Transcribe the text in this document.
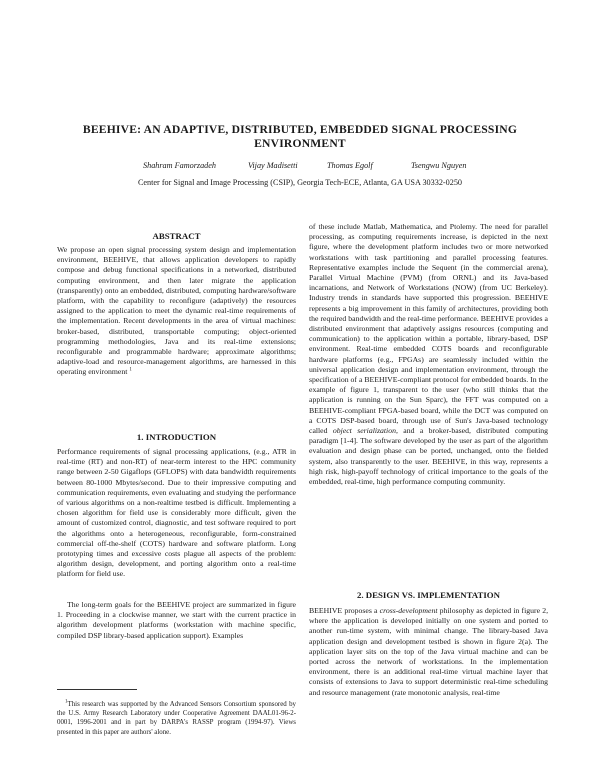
BEEHIVE: AN ADAPTIVE, DISTRIBUTED, EMBEDDED SIGNAL PROCESSING ENVIRONMENT
Shahram Famorzadeh	Vijay Madisetti	Thomas Egolf	Tsengwu Nguyen
Center for Signal and Image Processing (CSIP), Georgia Tech-ECE, Atlanta, GA USA 30332-0250
ABSTRACT

We propose an open signal processing system design and implementation environment, BEEHIVE, that allows application developers to rapidly compose and debug functional specifications in a networked, distributed computing environment, and then later migrate the application (transparently) onto an embedded, distributed, computing hardware/software platform, with the capability to reconfigure (adaptively) the resources assigned to the application to meet the dynamic real-time requirements of the implementation. Recent developments in the area of virtual machines: broker-based, distributed, transportable computing; object-oriented programming methodologies, Java and its real-time extensions; reconfigurable and programmable hardware; approximate algorithms; adaptive-load and resource-management algorithms, are harnessed in this operating environment $^1$

1. INTRODUCTION

Performance requirements of signal processing applications, (e.g., ATR in real-time (RT) and non-RT) of near-term interest to the HPC community range between 2-50 Gigaflops (GFLOPS) with data bandwidth requirements between 80-1000 Mbytes/second. Due to their impressive computing and communication requirements, even evaluating and studying the performance of various algorithms on a non-realtime testbed is difficult. Implementing a chosen algorithm for field use is considerably more difficult, given the amount of customized control, diagnostic, and test software required to port the algorithms onto a heterogeneous, reconfigurable, form-constrained commercial off-the-shelf (COTS) hardware and software platform. Long prototyping times and excessive costs plague all aspects of the problem: algorithm design, development, and porting algorithm onto a real-time platform for field use.

The long-term goals for the BEEHIVE project are summarized in figure 1. Proceeding in a clockwise manner, we start with the current practice in algorithm development platforms (workstation with machine specific, compiled DSP library-based application support). Examples

$^1$This research was supported by the Advanced Sensors Consortium sponsored by the U.S. Army Research Laboratory under Cooperative Agreement DAAL01-96-2-0001, 1996-2001 and in part by DARPA's RASSP program (1994-97). Views presented in this paper are authors' alone.

of these include Matlab, Mathematica, and Ptolemy. The need for parallel processing, as computing requirements increase, is depicted in the next figure, where the development platform includes two or more networked workstations with task partitioning and parallel processing features. Representative examples include the Sequent (in the commercial arena), Parallel Virtual Machine (PVM) (from ORNL) and its Java-based incarnations, and Network of Workstations (NOW) (from UC Berkeley). Industry trends in standards have supported this progression. BEEHIVE represents a big improvement in this family of architectures, providing both the required bandwidth and the real-time performance. BEEHIVE provides a distributed environment that adaptively assigns resources (computing and communication) to the application within a portable, library-based, DSP environment. Real-time embedded COTS boards and reconfigurable hardware platforms (e.g., FPGAs) are seamlessly included within the universal application design and implementation environment, through the specification of a BEEHIVE-compliant protocol for embedded boards. In the example of figure 1, transparent to the user (who still thinks that the application is running on the Sun Sparc), the FFT was computed on a BEEHIVE-compliant FPGA-based board, while the DCT was computed on a COTS DSP-based board, through use of Sun's Java-based technology called object serialization, and a broker-based, distributed computing paradigm [1-4]. The software developed by the user as part of the algorithm evaluation and design phase can be ported, unchanged, onto the fielded system, also transparently to the user. BEEHIVE, in this way, represents a high risk, high-payoff technology of critical importance to the goals of the embedded, real-time, high performance computing community.

2. DESIGN VS. IMPLEMENTATION

BEEHIVE proposes a cross-development philosophy as depicted in figure 2, where the application is developed initially on one system and ported to another run-time system, with minimal change. The library-based Java application design and development testbed is shown in figure 2(a). The application layer sits on the top of the Java virtual machine and can be ported across the network of workstations. In the implementation environment, there is an additional real-time virtual machine layer that consists of extensions to Java to support deterministic real-time scheduling and resource management (rate monotonic analysis, real-time
